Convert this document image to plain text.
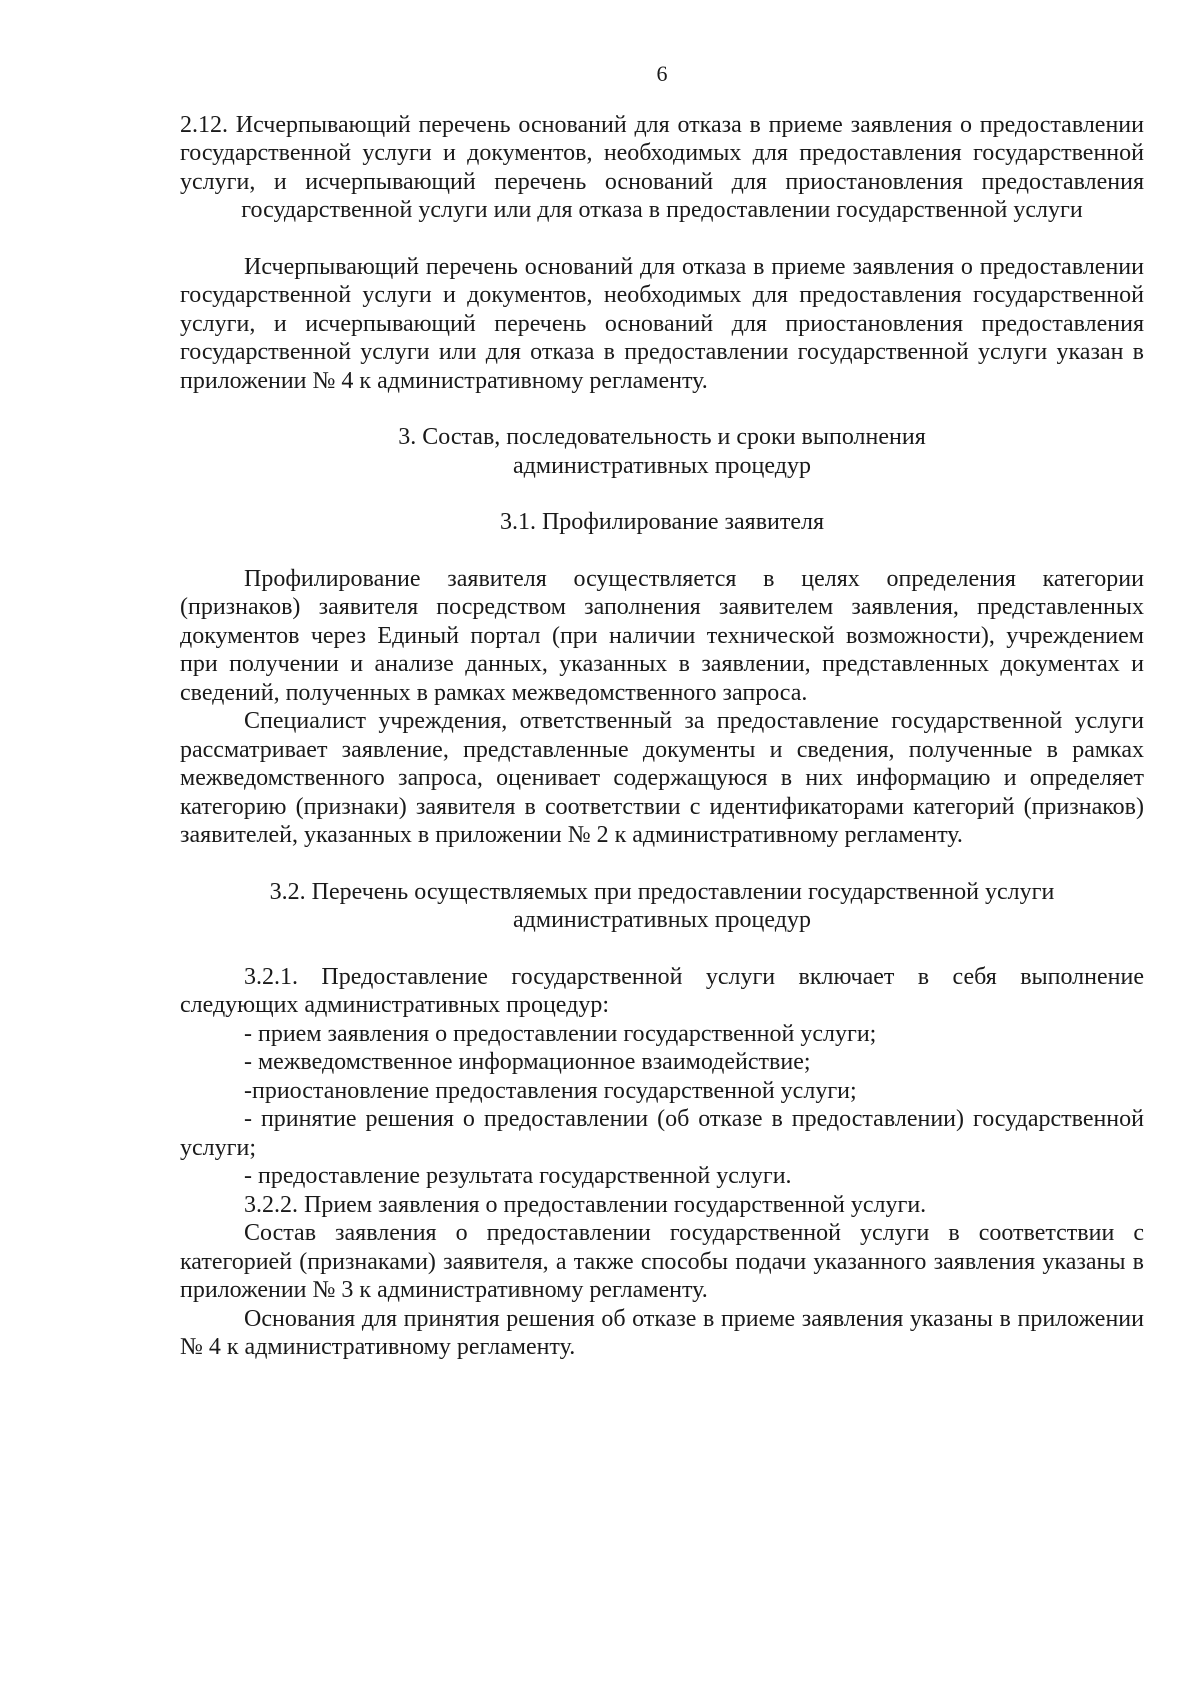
6

2.12. Исчерпывающий перечень оснований для отказа в приеме заявления о предоставлении государственной услуги и документов, необходимых для предоставления государственной услуги, и исчерпывающий перечень оснований для приостановления предоставления государственной услуги или для отказа в предоставлении государственной услуги

Исчерпывающий перечень оснований для отказа в приеме заявления о предоставлении государственной услуги и документов, необходимых для предоставления государственной услуги, и исчерпывающий перечень оснований для приостановления предоставления государственной услуги или для отказа в предоставлении государственной услуги указан в приложении № 4 к административному регламенту.

3. Состав, последовательность и сроки выполнения

административных процедур

3.1. Профилирование заявителя

Профилирование заявителя осуществляется в целях определения категории (признаков) заявителя посредством заполнения заявителем заявления, представленных документов через Единый портал (при наличии технической возможности), учреждением при получении и анализе данных, указанных в заявлении, представленных документах и сведений, полученных в рамках межведомственного запроса.

Специалист учреждения, ответственный за предоставление государственной услуги рассматривает заявление, представленные документы и сведения, полученные в рамках межведомственного запроса, оценивает содержащуюся в них информацию и определяет категорию (признаки) заявителя в соответствии с идентификаторами категорий (признаков) заявителей, указанных в приложении № 2 к административному регламенту.

3.2. Перечень осуществляемых при предоставлении государственной услуги

административных процедур

3.2.1. Предоставление государственной услуги включает в себя выполнение следующих административных процедур:

- прием заявления о предоставлении государственной услуги;

- межведомственное информационное взаимодействие;

-приостановление предоставления государственной услуги;

- принятие решения о предоставлении (об отказе в предоставлении) государственной услуги;

- предоставление результата государственной услуги.

3.2.2. Прием заявления о предоставлении государственной услуги.

Состав заявления о предоставлении государственной услуги в соответствии с категорией (признаками) заявителя, а также способы подачи указанного заявления указаны в приложении № 3 к административному регламенту.

Основания для принятия решения об отказе в приеме заявления указаны в приложении № 4 к административному регламенту.
